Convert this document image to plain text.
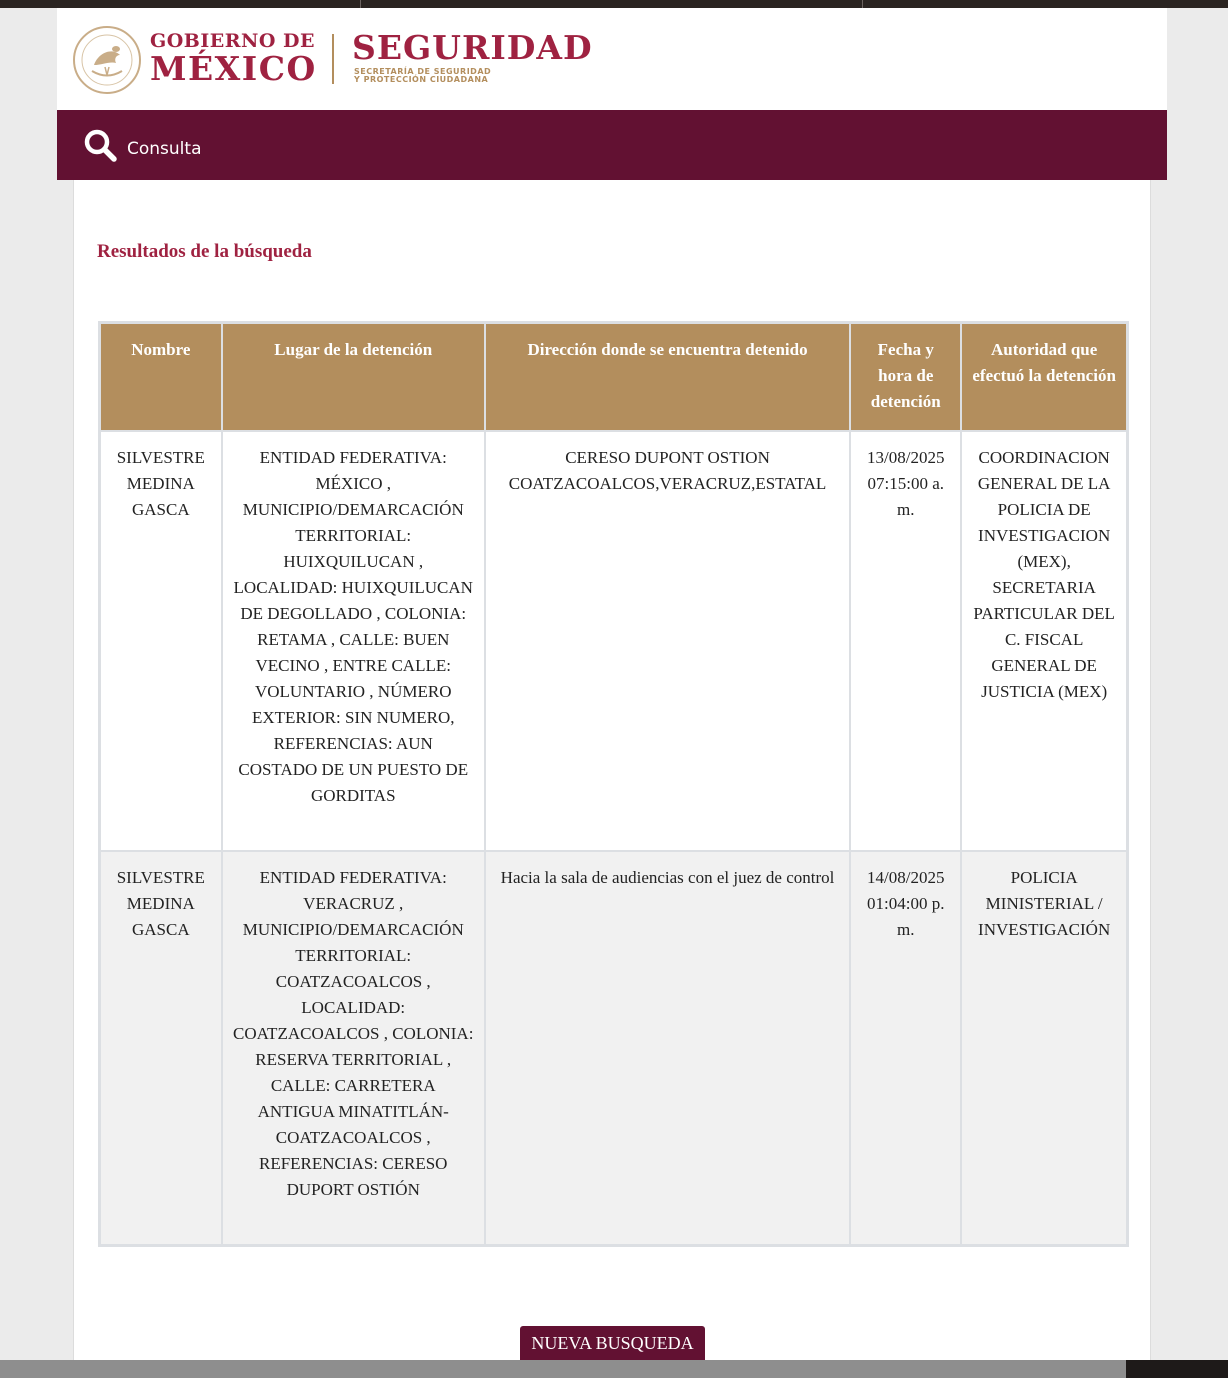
GOBIERNO DE
MÉXICO
SEGURIDAD
SECRETARÍA DE SEGURIDAD
Y PROTECCIÓN CIUDADANA
Consulta
Resultados de la búsqueda
Nombre	Lugar de la detención	Dirección donde se encuentra detenido	Fecha y hora de detención	Autoridad que efectuó la detención
SILVESTRE MEDINA GASCA	ENTIDAD FEDERATIVA: MÉXICO , MUNICIPIO/DEMARCACIÓN TERRITORIAL: HUIXQUILUCAN , LOCALIDAD: HUIXQUILUCAN DE DEGOLLADO , COLONIA: RETAMA , CALLE: BUEN VECINO , ENTRE CALLE: VOLUNTARIO , NÚMERO EXTERIOR: SIN NUMERO, REFERENCIAS: AUN COSTADO DE UN PUESTO DE GORDITAS	CERESO DUPONT OSTION COATZACOALCOS,VERACRUZ,ESTATAL	13/08/2025 07:15:00 a. m.	COORDINACION GENERAL DE LA POLICIA DE INVESTIGACION (MEX), SECRETARIA PARTICULAR DEL C. FISCAL GENERAL DE JUSTICIA (MEX)
SILVESTRE MEDINA GASCA	ENTIDAD FEDERATIVA: VERACRUZ , MUNICIPIO/DEMARCACIÓN TERRITORIAL: COATZACOALCOS , LOCALIDAD: COATZACOALCOS , COLONIA: RESERVA TERRITORIAL , CALLE: CARRETERA ANTIGUA MINATITLÁN-COATZACOALCOS , REFERENCIAS: CERESO DUPORT OSTIÓN	Hacia la sala de audiencias con el juez de control	14/08/2025 01:04:00 p. m.	POLICIA MINISTERIAL / INVESTIGACIÓN
NUEVA BUSQUEDA
